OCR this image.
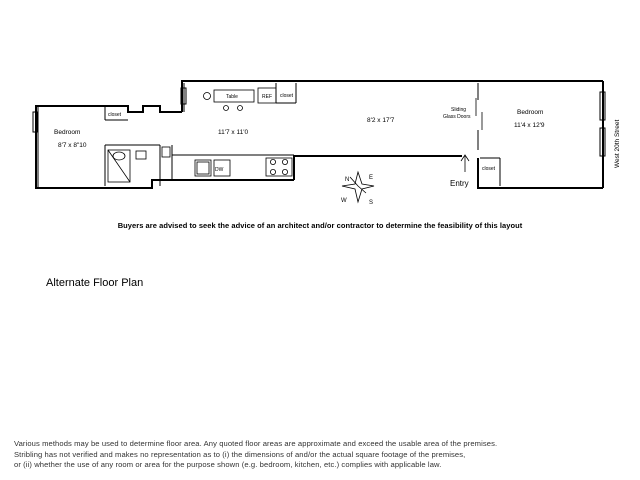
N	E
S
W
Bedroom
8'7 x 8"10
11'7 x 11'0
8'2 x 17'7
Bedroom
11'4 x 12'9
closet
closet
closet
Table	REF
DW
Sliding
Glass Doors
Entry
West 20th Street
Buyers are advised to seek the advice of an architect and/or contractor to determine the feasibility of this layout
Alternate Floor Plan
Various methods may be used to determine floor area. Any quoted floor areas are approximate and exceed the usable area of the premises.
Stribling has not verified and makes no representation as to (i) the dimensions of and/or the actual square footage of the premises,
or (ii) whether the use of any room or area for the purpose shown (e.g. bedroom, kitchen, etc.) complies with applicable law.
